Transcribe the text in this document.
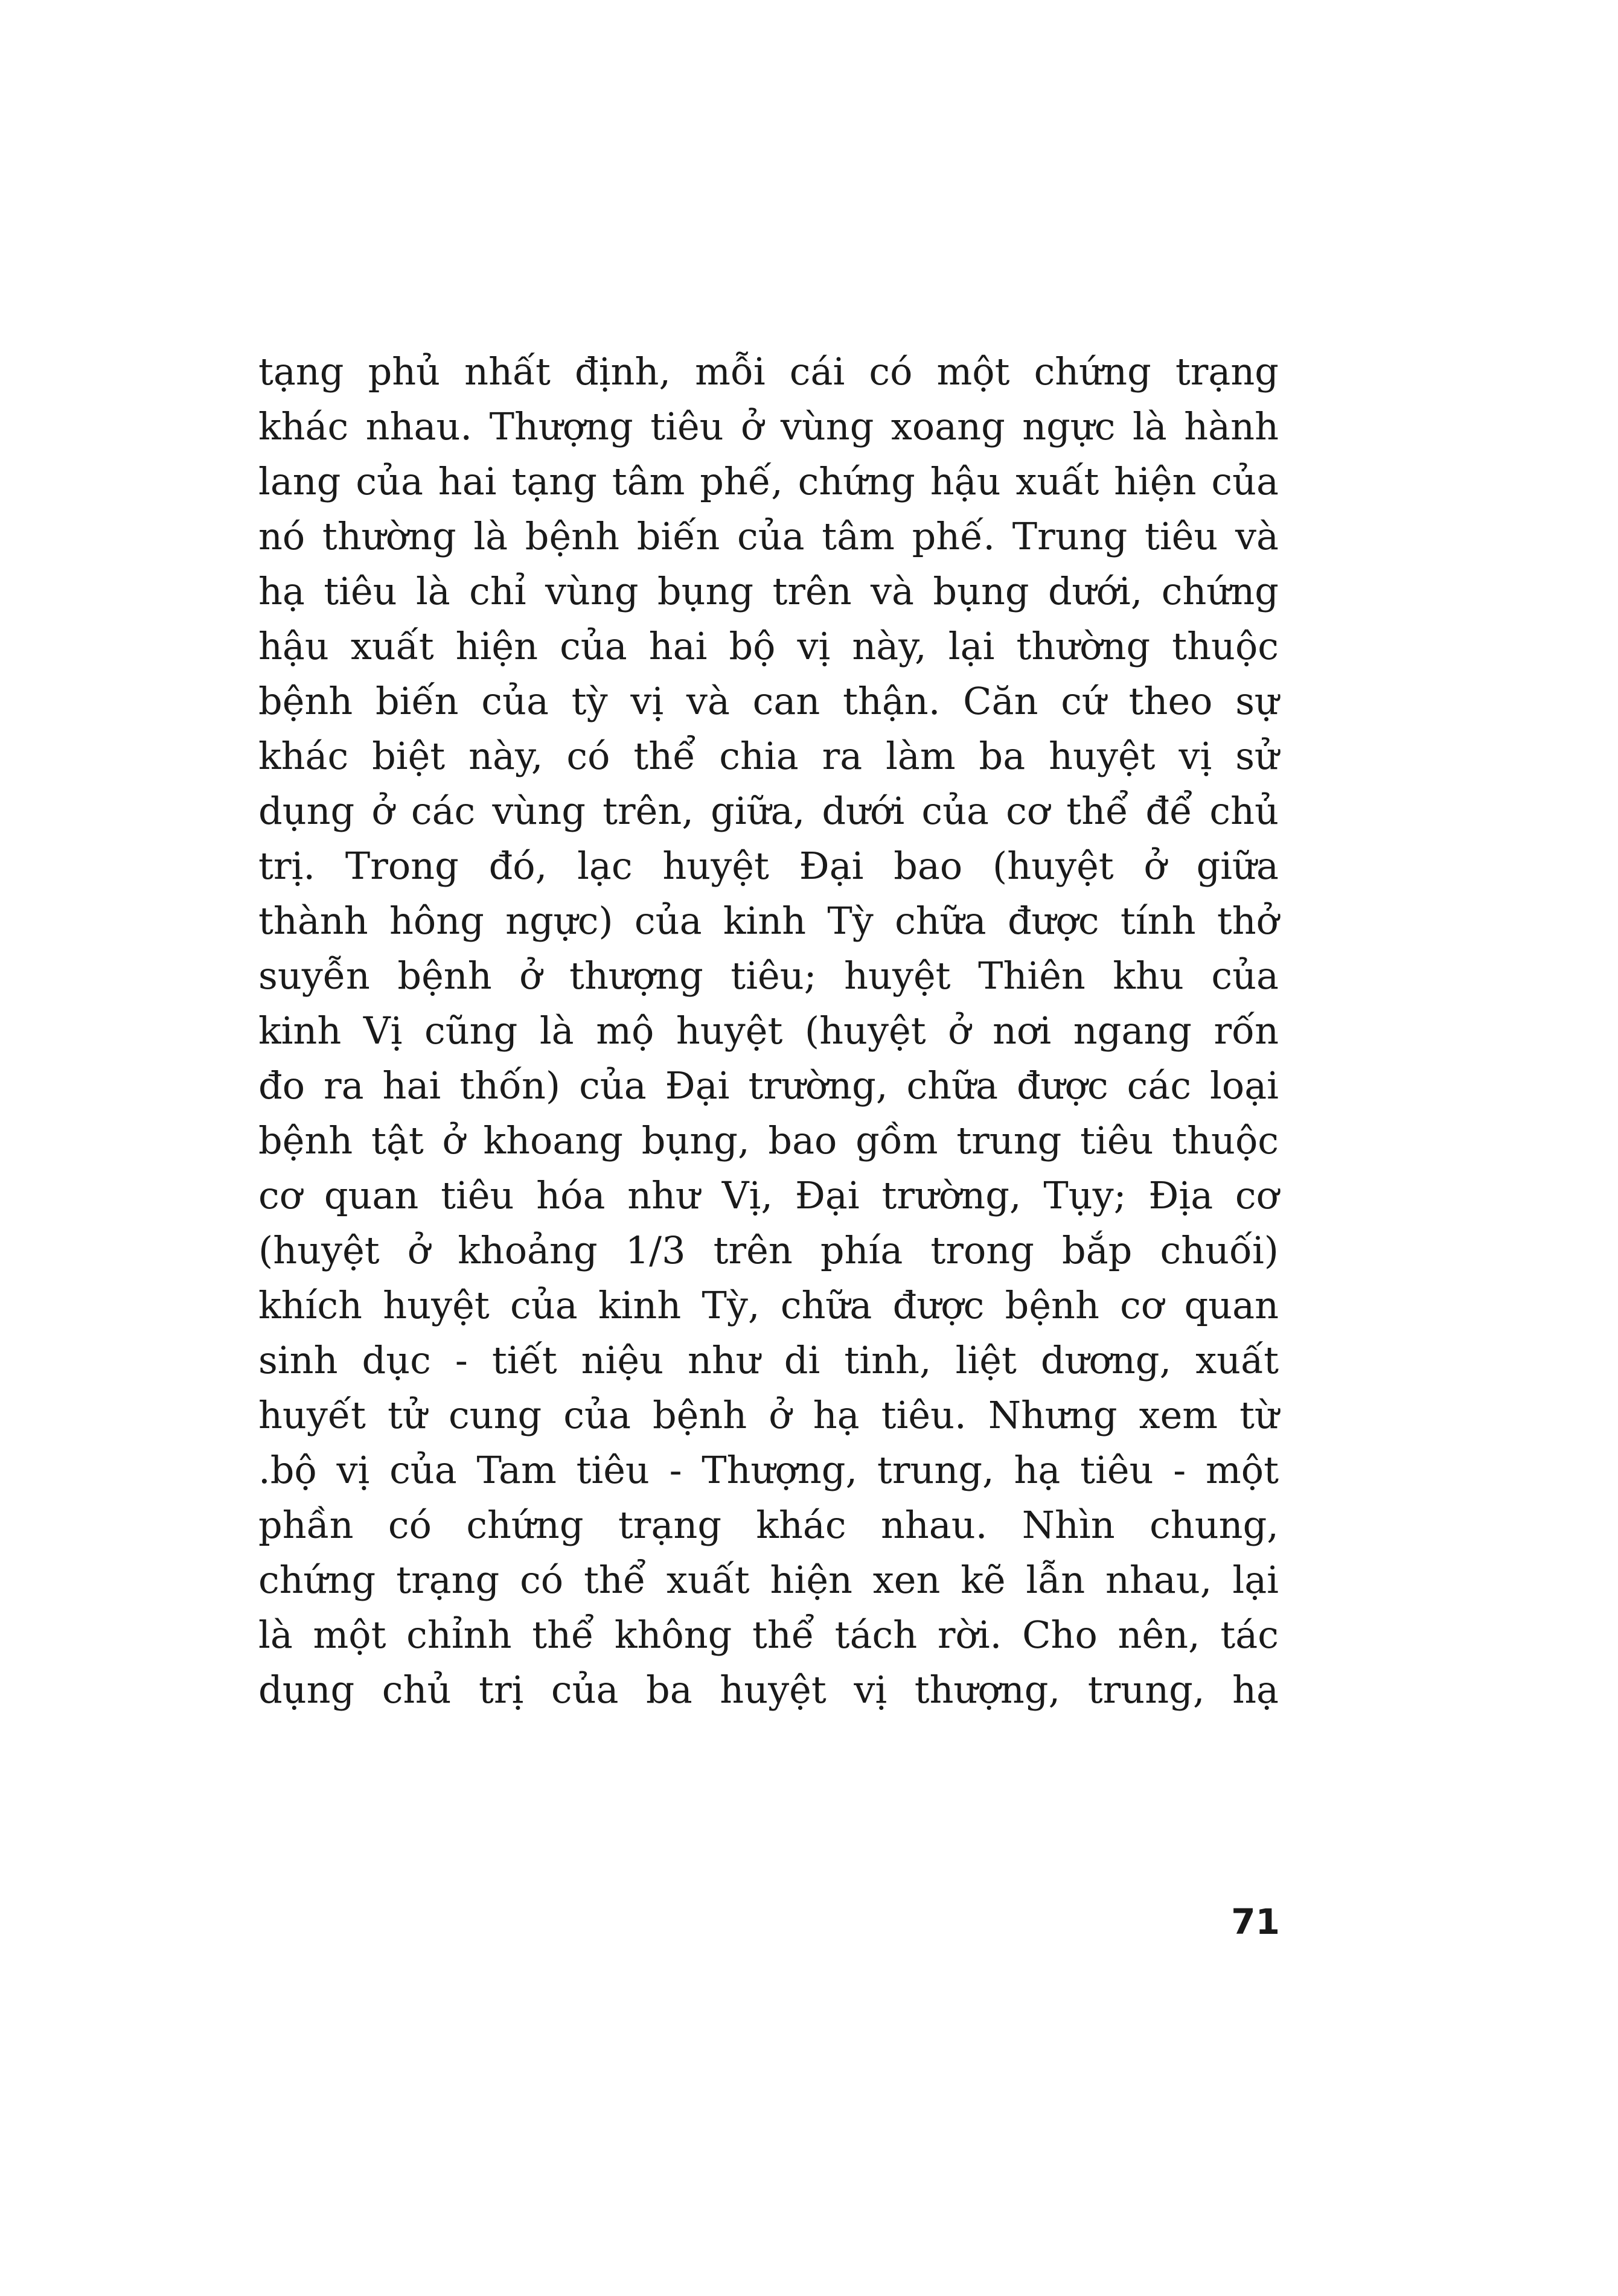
tạng phủ nhất định, mỗi cái có một chứng trạng
khác nhau. Thượng tiêu ở vùng xoang ngực là hành
lang của hai tạng tâm phế, chứng hậu xuất hiện của
nó thường là bệnh biến của tâm phế. Trung tiêu và
hạ tiêu là chỉ vùng bụng trên và bụng dưới, chứng
hậu xuất hiện của hai bộ vị này, lại thường thuộc
bệnh biến của tỳ vị và can thận. Căn cứ theo sự
khác biệt này, có thể chia ra làm ba huyệt vị sử
dụng ở các vùng trên, giữa, dưới của cơ thể để chủ
trị. Trong đó, lạc huyệt Đại bao (huyệt ở giữa
thành hông ngực) của kinh Tỳ chữa được tính thở
suyễn bệnh ở thượng tiêu; huyệt Thiên khu của
kinh Vị cũng là mộ huyệt (huyệt ở nơi ngang rốn
đo ra hai thốn) của Đại trường, chữa được các loại
bệnh tật ở khoang bụng, bao gồm trung tiêu thuộc
cơ quan tiêu hóa như Vị, Đại trường, Tụy; Địa cơ
(huyệt ở khoảng 1/3 trên phía trong bắp chuối)
khích huyệt của kinh Tỳ, chữa được bệnh cơ quan
sinh dục - tiết niệu như di tinh, liệt dương, xuất
huyết tử cung của bệnh ở hạ tiêu. Nhưng xem từ
.bộ vị của Tam tiêu - Thượng, trung, hạ tiêu - một
phần có chứng trạng khác nhau. Nhìn chung,
chứng trạng có thể xuất hiện xen kẽ lẫn nhau, lại
là một chỉnh thể không thể tách rời. Cho nên, tác
dụng chủ trị của ba huyệt vị thượng, trung, hạ
71
